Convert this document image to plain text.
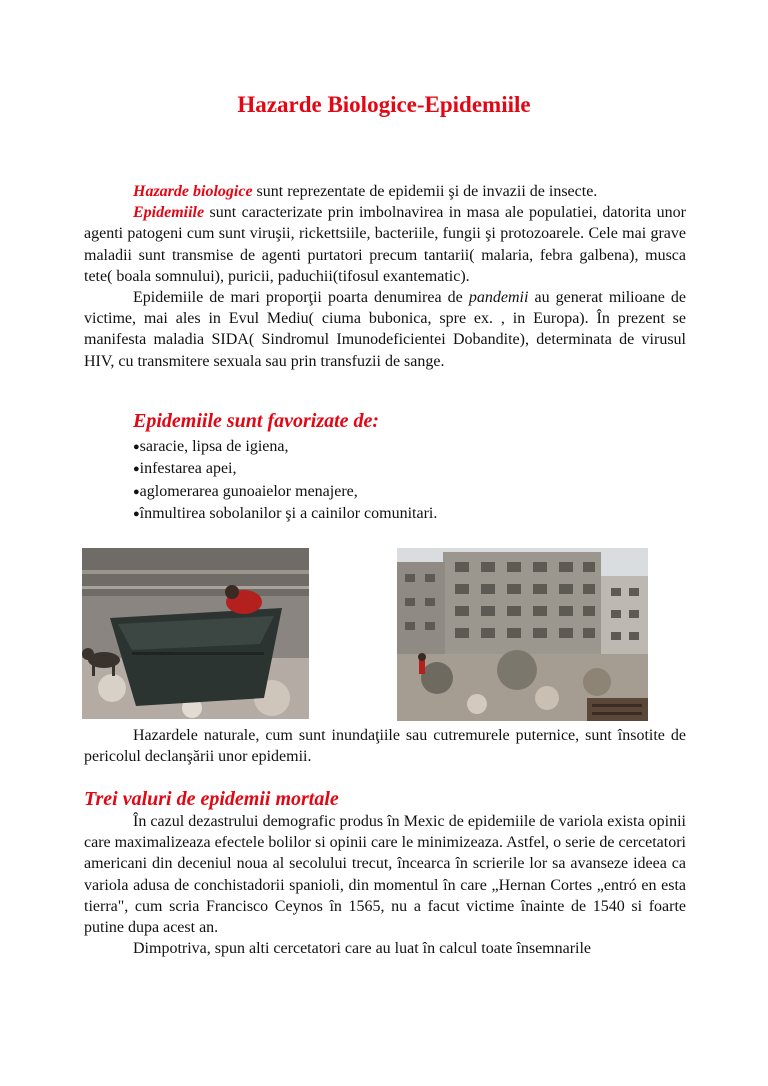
Hazarde Biologice-Epidemiile

Hazarde biologice sunt reprezentate de epidemii şi de invazii de insecte.

Epidemiile sunt caracterizate prin imbolnavirea in masa ale populatiei, datorita unor agenti patogeni cum sunt viruşii, rickettsiile, bacteriile, fungii şi protozoarele. Cele mai grave maladii sunt transmise de agenti purtatori precum tantarii( malaria, febra galbena), musca tete( boala somnului), puricii, paduchii(tifosul exantematic).

Epidemiile de mari proporţii poarta denumirea de pandemii au generat milioane de victime, mai ales in Evul Mediu( ciuma bubonica, spre ex. , in Europa). În prezent se manifesta maladia SIDA( Sindromul Imunodeficientei Dobandite), determinata de virusul HIV, cu transmitere sexuala sau prin transfuzii de sange.

Epidemiile sunt favorizate de:
● saracie, lipsa de igiena,
● infestarea apei,
● aglomerarea gunoaielor menajere,
● înmultirea sobolanilor şi a cainilor comunitari.

Hazardele naturale, cum sunt inundaţiile sau cutremurele puternice, sunt însotite de pericolul declanşării unor epidemii.

Trei valuri de epidemii mortale

În cazul dezastrului demografic produs în Mexic de epidemiile de variola exista opinii care maximalizeaza efectele bolilor si opinii care le minimizeaza. Astfel, o serie de cercetatori americani din deceniul noua al secolului trecut, încearca în scrierile lor sa avanseze ideea ca variola adusa de conchistadorii spanioli, din momentul în care „Hernan Cortes „entró en esta tierra", cum scria Francisco Ceynos în 1565, nu a facut victime înainte de 1540 si foarte putine dupa acest an.

Dimpotriva, spun alti cercetatori care au luat în calcul toate însemnarile
